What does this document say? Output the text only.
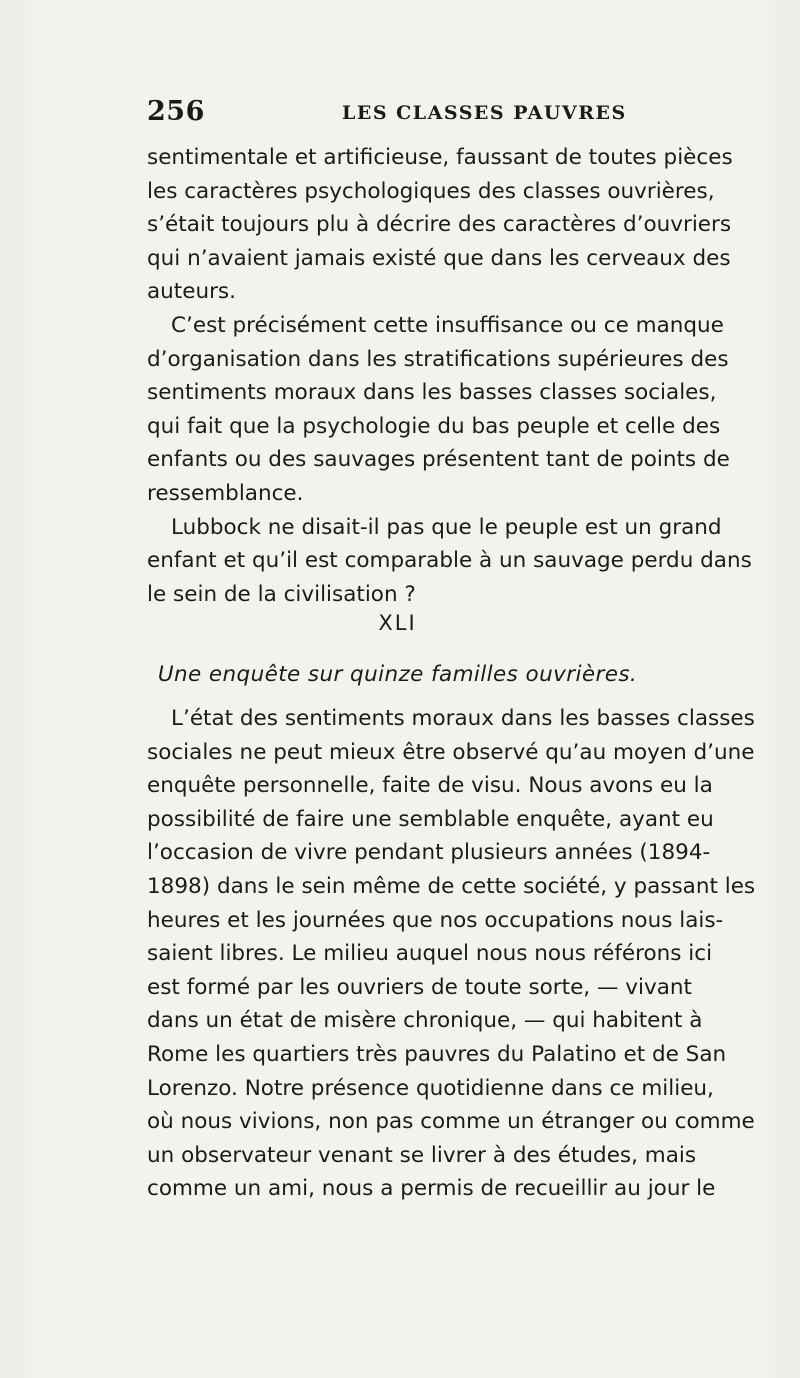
256	LES CLASSES PAUVRES
sentimentale et artificieuse, faussant de toutes pièces
les caractères psychologiques des classes ouvrières,
s’était toujours plu à décrire des caractères d’ouvriers
qui n’avaient jamais existé que dans les cerveaux des
auteurs.
C’est précisément cette insuffisance ou ce manque
d’organisation dans les stratifications supérieures des
sentiments moraux dans les basses classes sociales,
qui fait que la psychologie du bas peuple et celle des
enfants ou des sauvages présentent tant de points de
ressemblance.
Lubbock ne disait-il pas que le peuple est un grand
enfant et qu’il est comparable à un sauvage perdu dans
le sein de la civilisation ?
XLI
Une enquête sur quinze familles ouvrières.
L’état des sentiments moraux dans les basses classes
sociales ne peut mieux être observé qu’au moyen d’une
enquête personnelle, faite de visu. Nous avons eu la
possibilité de faire une semblable enquête, ayant eu
l’occasion de vivre pendant plusieurs années (1894-
1898) dans le sein même de cette société, y passant les
heures et les journées que nos occupations nous lais-
saient libres. Le milieu auquel nous nous référons ici
est formé par les ouvriers de toute sorte, — vivant
dans un état de misère chronique, — qui habitent à
Rome les quartiers très pauvres du Palatino et de San
Lorenzo. Notre présence quotidienne dans ce milieu,
où nous vivions, non pas comme un étranger ou comme
un observateur venant se livrer à des études, mais
comme un ami, nous a permis de recueillir au jour le
